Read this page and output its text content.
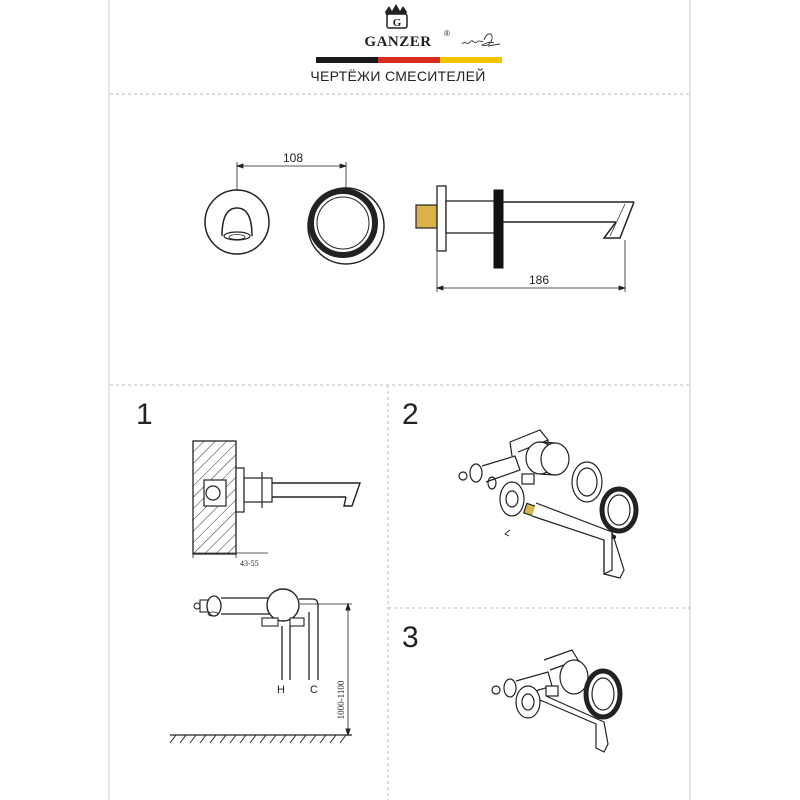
G
GANZER
®
ЧЕРТЁЖИ СМЕСИТЕЛЕЙ
108
186
1
43-55
H C 1000-1100
2
3
